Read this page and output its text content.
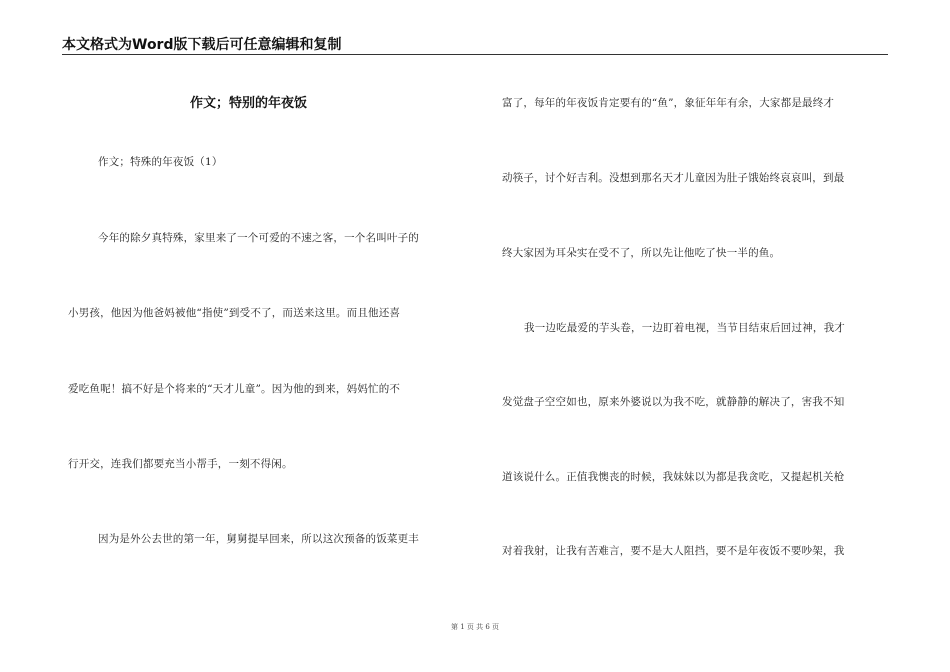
本文格式为Word版下载后可任意编辑和复制
作文；特别的年夜饭
作文；特殊的年夜饭（1）
今年的除夕真特殊，家里来了一个可爱的不速之客，一个名叫叶子的
小男孩，他因为他爸妈被他“指使”到受不了，而送来这里。而且他还喜
爱吃鱼呢！搞不好是个将来的“天才儿童”。因为他的到来，妈妈忙的不
行开交，连我们都要充当小帮手，一刻不得闲。
因为是外公去世的第一年，舅舅提早回来，所以这次预备的饭菜更丰
富了，每年的年夜饭肯定要有的“鱼”，象征年年有余，大家都是最终才
动筷子，讨个好吉利。没想到那名天才儿童因为肚子饿始终哀哀叫，到最
终大家因为耳朵实在受不了，所以先让他吃了快一半的鱼。
我一边吃最爱的芋头卷，一边盯着电视，当节目结束后回过神，我才
发觉盘子空空如也，原来外婆说以为我不吃，就静静的解决了，害我不知
道该说什么。正值我懊丧的时候，我妹妹以为都是我贪吃，又提起机关枪
对着我射，让我有苦难言，要不是大人阻挡，要不是年夜饭不要吵架，我
第 1 页 共 6 页
